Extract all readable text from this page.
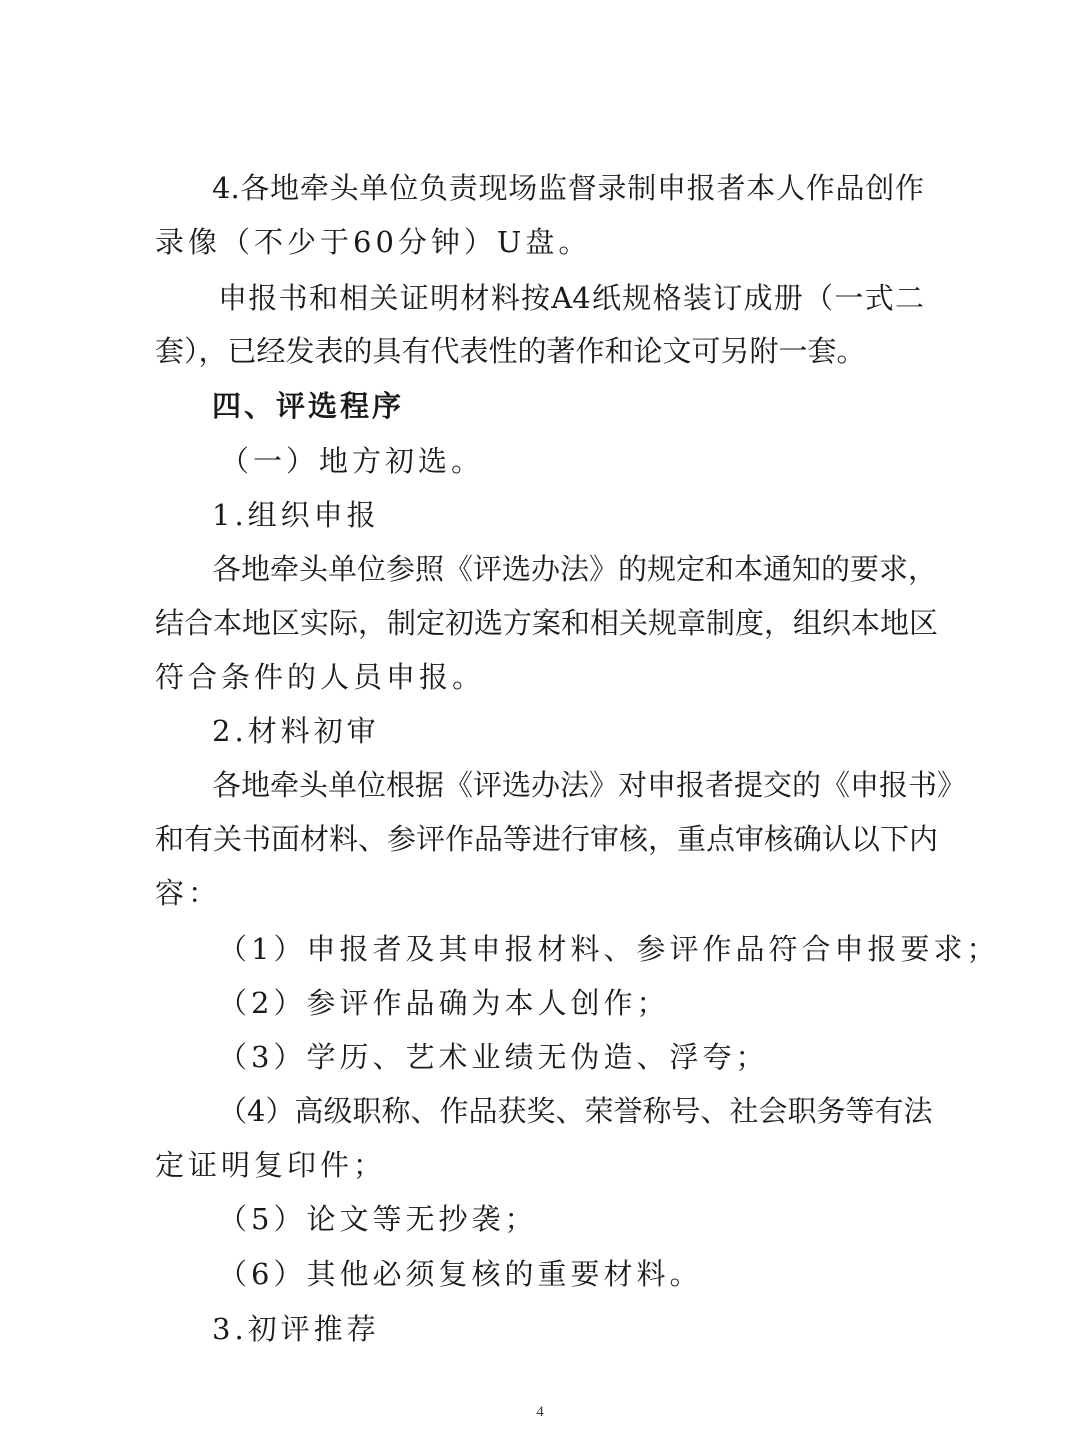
4.各地牵头单位负责现场监督录制申报者本人作品创作
录像（不少于60分钟）U盘。
申报书和相关证明材料按A4纸规格装订成册（一式二
套），已经发表的具有代表性的著作和论文可另附一套。
四、评选程序
（一）地方初选。
1.组织申报
各地牵头单位参照《评选办法》的规定和本通知的要求，
结合本地区实际，制定初选方案和相关规章制度，组织本地区
符合条件的人员申报。
2.材料初审
各地牵头单位根据《评选办法》对申报者提交的《申报书》
和有关书面材料、参评作品等进行审核，重点审核确认以下内
容：
（1）申报者及其申报材料、参评作品符合申报要求；
（2）参评作品确为本人创作；
（3）学历、艺术业绩无伪造、浮夸；
（4）高级职称、作品获奖、荣誉称号、社会职务等有法
定证明复印件；
（5）论文等无抄袭；
（6）其他必须复核的重要材料。
3.初评推荐
4
